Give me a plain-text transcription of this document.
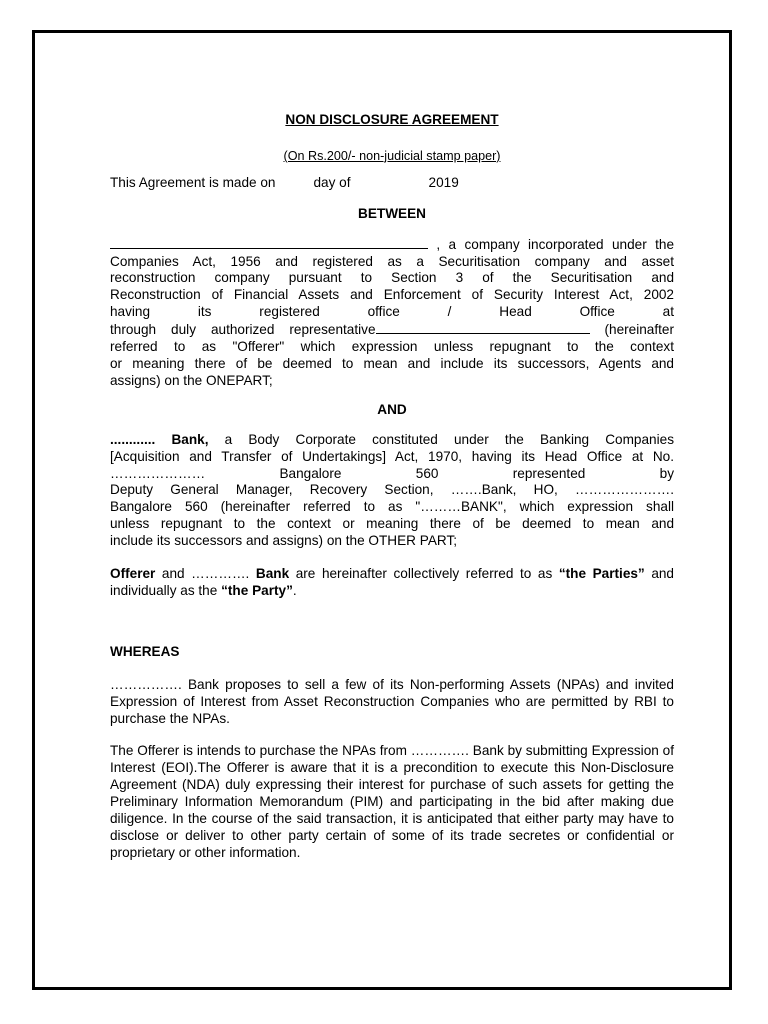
NON DISCLOSURE AGREEMENT
(On Rs.200/- non-judicial stamp paper)
This Agreement is made on	day of	2019
BETWEEN
, a company incorporated under the
Companies Act, 1956 and registered as a Securitisation company and asset
reconstruction company pursuant to Section 3 of the Securitisation and
Reconstruction of Financial Assets and Enforcement of Security Interest Act, 2002
having its registered office / Head Office at
through duly authorized representative	(hereinafter
referred to as "Offerer" which expression unless repugnant to the context
or meaning there of be deemed to mean and include its successors, Agents and
assigns) on the ONEPART;
AND
............ Bank, a Body Corporate constituted under the Banking Companies
[Acquisition and Transfer of Undertakings] Act, 1970, having its Head Office at No.
………………… Bangalore 560 represented by
Deputy General Manager, Recovery Section, …….Bank, HO, ………………….
Bangalore 560 (hereinafter referred to as "………BANK", which expression shall
unless repugnant to the context or meaning there of be deemed to mean and
include its successors and assigns) on the OTHER PART;

Offerer and …………. Bank are hereinafter collectively referred to as “the Parties” and individually as the “the Party”.

WHEREAS

……………. Bank proposes to sell a few of its Non-performing Assets (NPAs) and invited Expression of Interest from Asset Reconstruction Companies who are permitted by RBI to purchase the NPAs.

The Offerer is intends to purchase the NPAs from …………. Bank by submitting Expression of Interest (EOI).The Offerer is aware that it is a precondition to execute this Non-Disclosure Agreement (NDA) duly expressing their interest for purchase of such assets for getting the Preliminary Information Memorandum (PIM) and participating in the bid after making due diligence. In the course of the said transaction, it is anticipated that either party may have to disclose or deliver to other party certain of some of its trade secretes or confidential or proprietary or other information.
